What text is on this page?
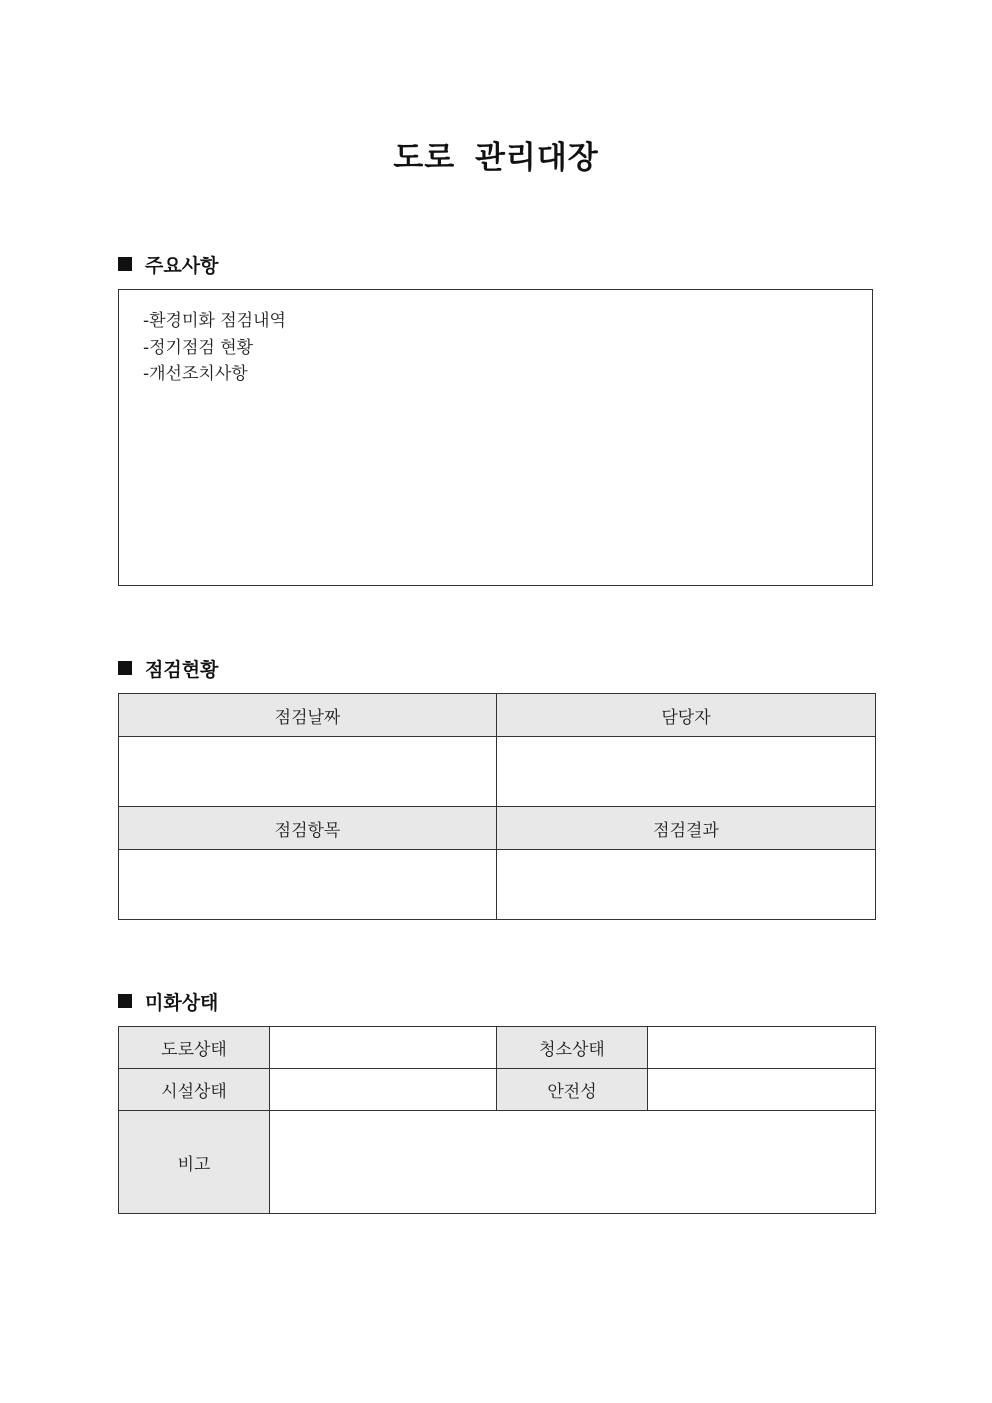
도로 관리대장
주요사항
-환경미화 점검내역
-정기점검 현황
-개선조치사항
점검현황
점검날짜	담당자

점검항목	점검결과

미화상태
도로상태		청소상태	
시설상태		안전성	
비고			
